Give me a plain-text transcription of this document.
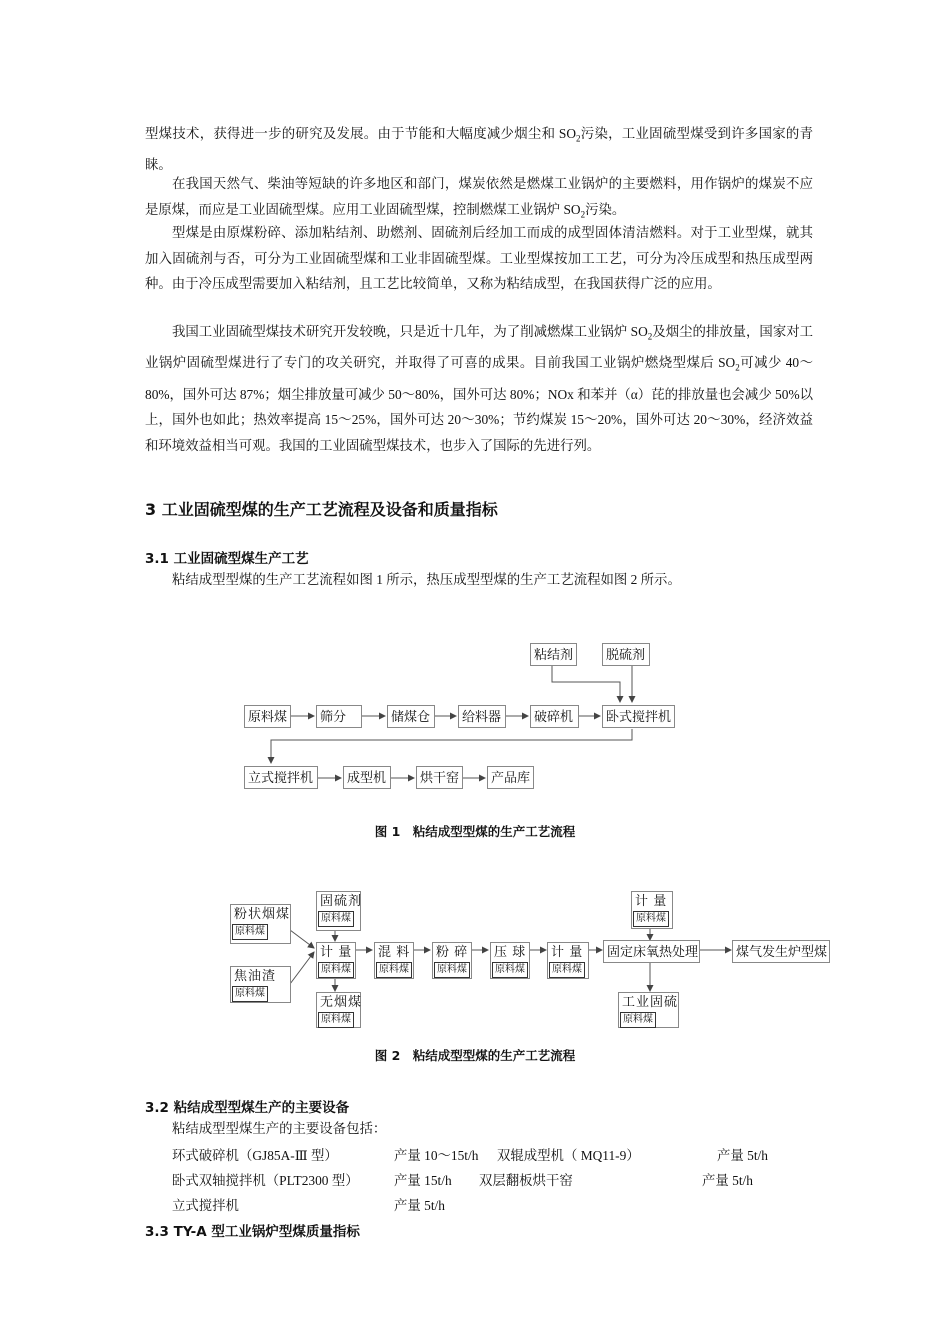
型煤技术，获得进一步的研究及发展。由于节能和大幅度减少烟尘和 $SO_2$污染，工业固硫型煤受到许多国家的青睐。

在我国天然气、柴油等短缺的许多地区和部门，煤炭依然是燃煤工业锅炉的主要燃料，用作锅炉的煤炭不应是原煤，而应是工业固硫型煤。应用工业固硫型煤，控制燃煤工业锅炉 $SO_2$污染。

型煤是由原煤粉碎、添加粘结剂、助燃剂、固硫剂后经加工而成的成型固体清洁燃料。对于工业型煤，就其加入固硫剂与否，可分为工业固硫型煤和工业非固硫型煤。工业型煤按加工工艺，可分为冷压成型和热压成型两种。由于冷压成型需要加入粘结剂，且工艺比较简单，又称为粘结成型，在我国获得广泛的应用。

我国工业固硫型煤技术研究开发较晚，只是近十几年，为了削减燃煤工业锅炉 $SO_2$及烟尘的排放量，国家对工业锅炉固硫型煤进行了专门的攻关研究，并取得了可喜的成果。目前我国工业锅炉燃烧型煤后 $SO_2$可减少 40～80%，国外可达 87%；烟尘排放量可减少 50～80%，国外可达 80%；NOx 和苯并（α）芘的排放量也会减少 50%以上，国外也如此；热效率提高 15～25%，国外可达 20～30%；节约煤炭 15～20%，国外可达 20～30%，经济效益和环境效益相当可观。我国的工业固硫型煤技术，也步入了国际的先进行列。

3 工业固硫型煤的生产工艺流程及设备和质量指标
3.1 工业固硫型煤生产工艺

粘结成型型煤的生产工艺流程如图 1 所示，热压成型型煤的生产工艺流程如图 2 所示。

粘结剂	脱硫剂
原料煤	筛分	储煤仓	给料器	破碎机	卧式搅拌机
立式搅拌机	成型机	烘干窑	产品库

图 1　粘结成型型煤的生产工艺流程

粉状烟煤
原料煤
焦油渣
原料煤
固硫剂
原料煤
无烟煤
原料煤
计 量
原料煤
混 料
原料煤
粉 碎
原料煤
压 球
原料煤
计 量
原料煤
计 量
原料煤
固定床氧热处理
工业固硫
原料煤
煤气发生炉型煤

图 2　粘结成型型煤的生产工艺流程

3.2 粘结成型型煤生产的主要设备

粘结成型型煤生产的主要设备包括：

环式破碎机（GJ85A-Ⅲ 型）	产量 10～15t/h 双辊成型机（ MQ11-9）	产量 5t/h
卧式双轴搅拌机（PLT2300 型）	产量 15t/h 双层翻板烘干窑	产量 5t/h
立式搅拌机	产量 5t/h
3.3 TY-A 型工业锅炉型煤质量指标
